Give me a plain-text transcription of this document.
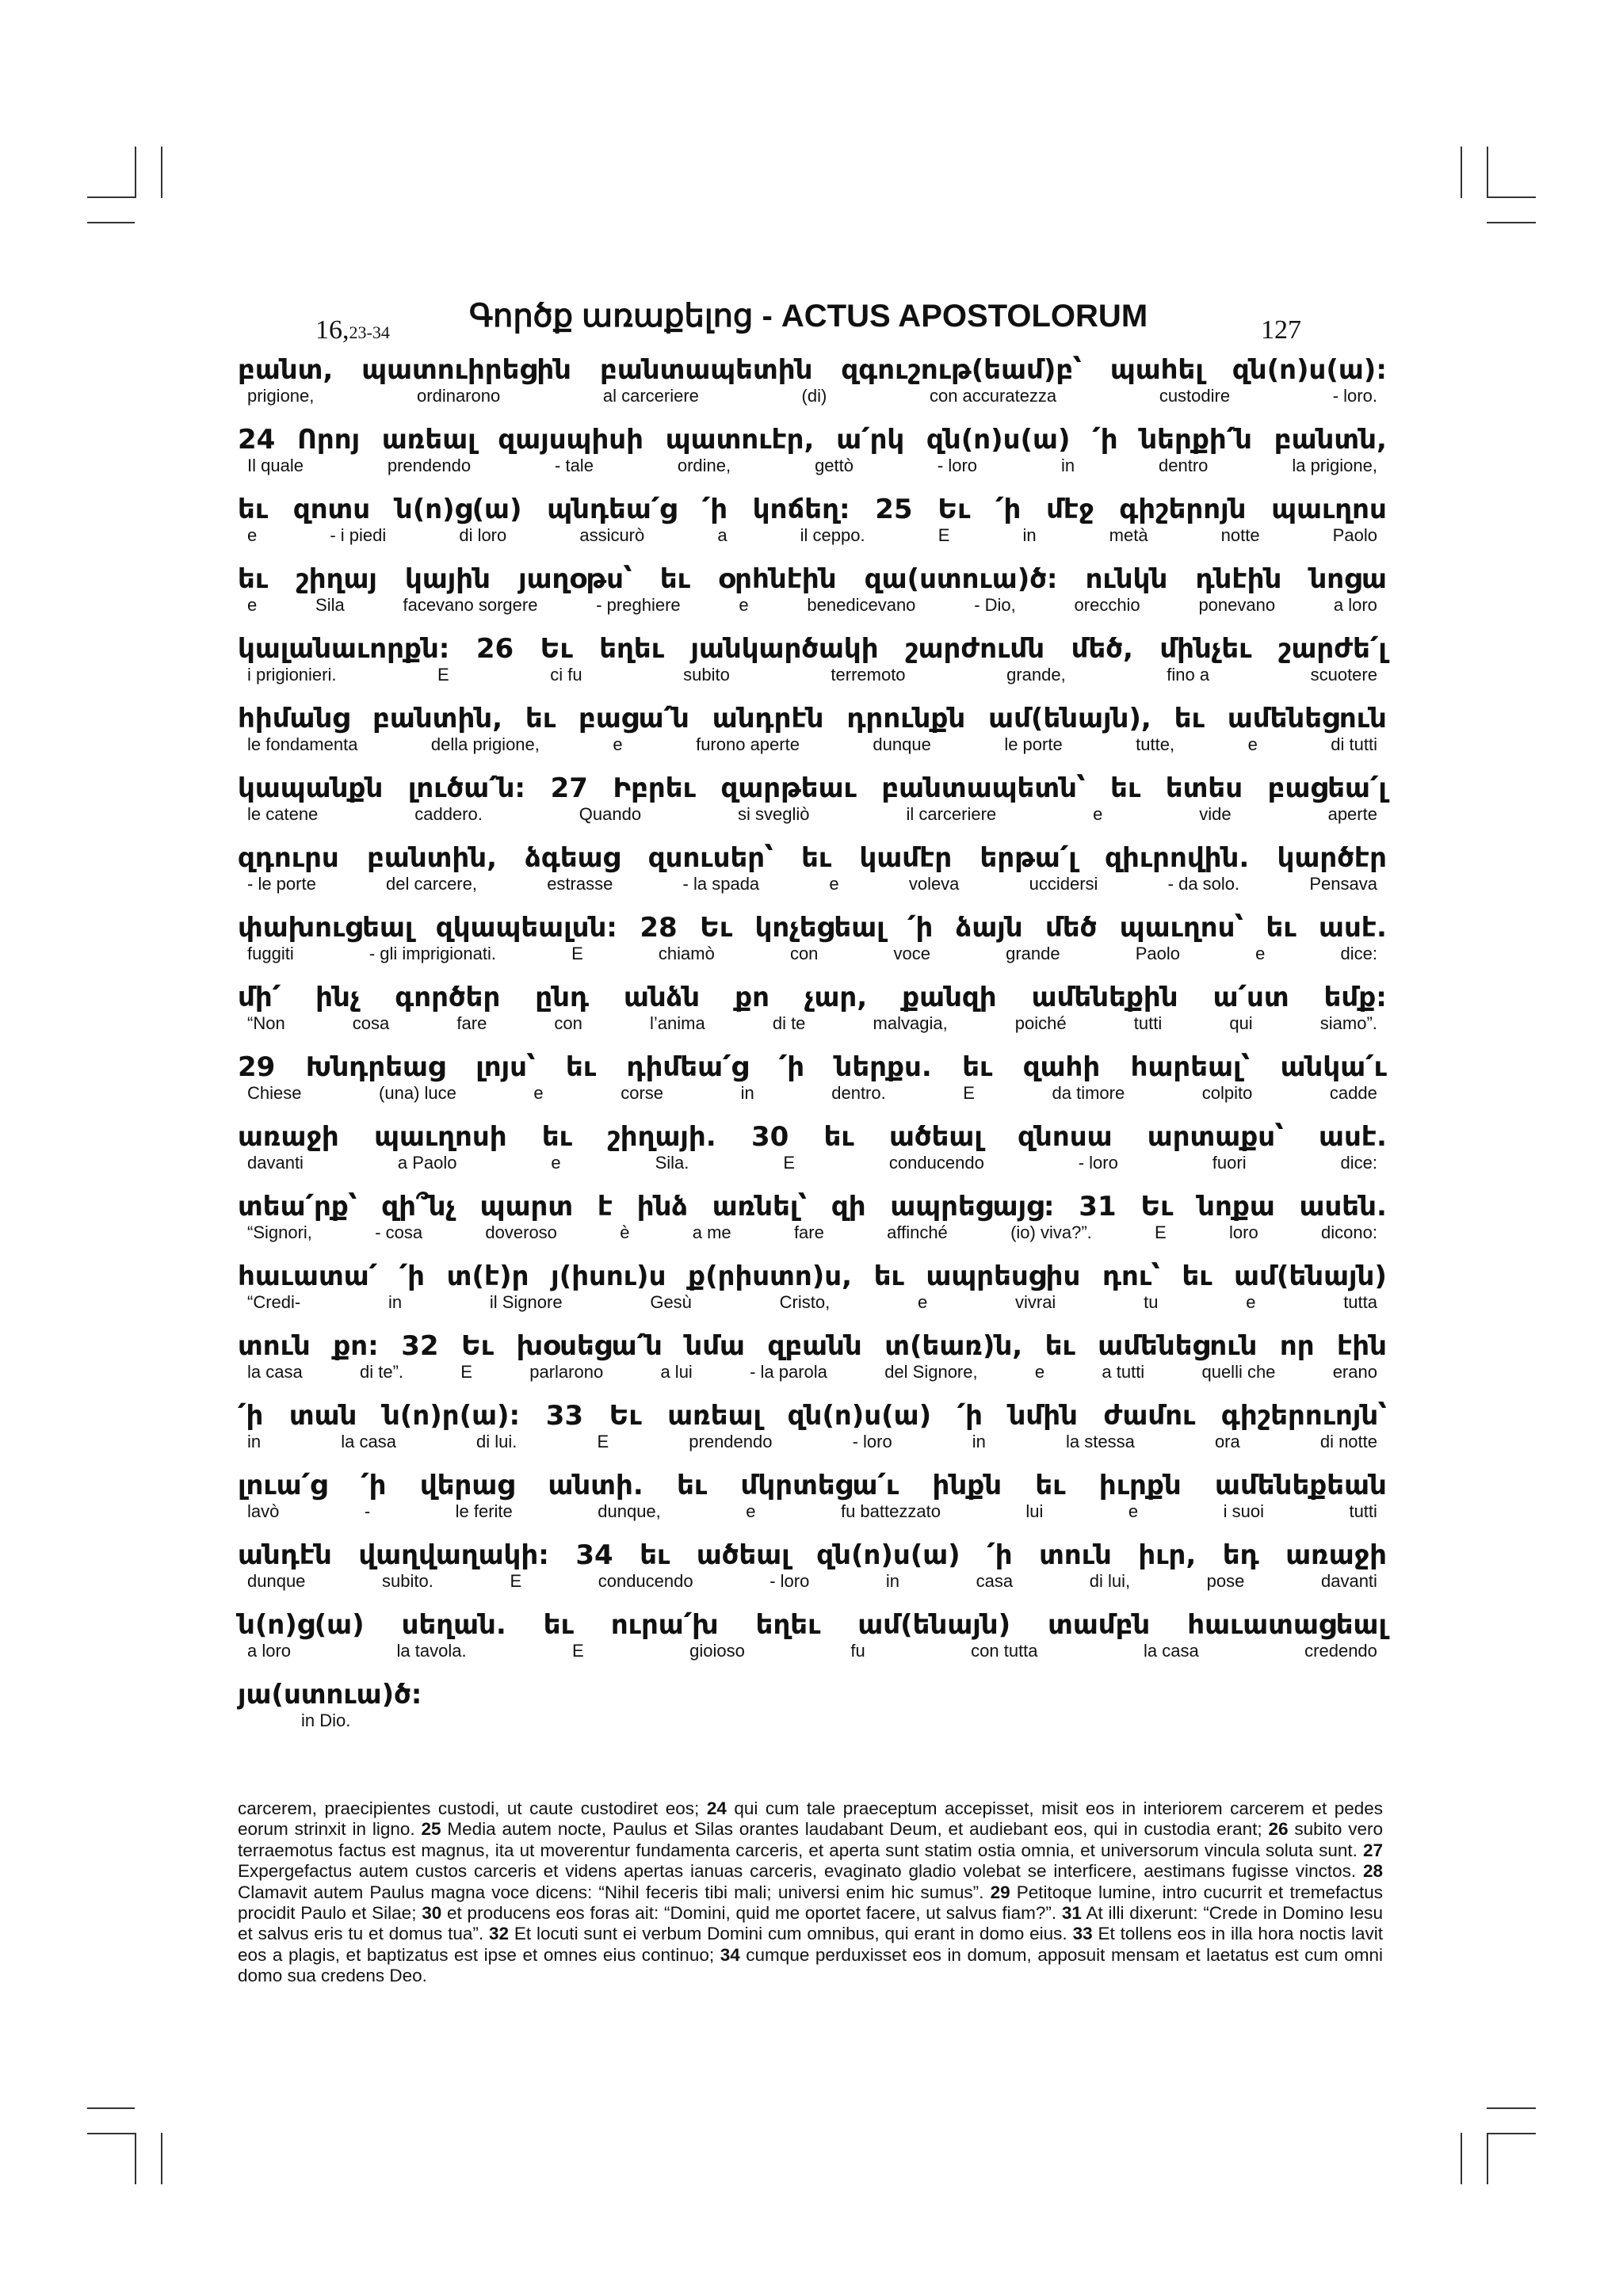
16,23-34	Գործք առաքելոց - ACTUS APOSTOLORUM	127
բանտ, պատուիրեցին բանտապետին զգուշութ(եամ)բ՝ պահել զն(ո)ս(ա):
prigione,	ordinarono	al carceriere	(di)	con accuratezza	custodire	- loro.
24 Որոյ առեալ զայսպիսի պատուէր, ա՛րկ զն(ո)ս(ա) ՛ի ներքի՛ն բանտն,
Il quale	prendendo	- tale	ordine,	gettò	- loro	in	dentro	la prigione,
եւ զոտս ն(ո)ց(ա) պնդեա՛ց ՛ի կոճեղ: 25 Եւ ՛ի մէջ գիշերոյն պաւղոս
e	- i piedi	di loro	assicurò	a	il ceppo.	E	in	metà	notte	Paolo
եւ շիղայ կային յաղօթս՝ եւ օրհնէին զա(ստուա)ծ: ունկն դնէին նոցա
e	Sila	facevano sorgere	- preghiere	e	benedicevano	- Dio,	orecchio	ponevano	a loro
կալանաւորքն: 26 Եւ եղեւ յանկարծակի շարժումն մեծ, մինչեւ շարժե՛լ
i prigionieri.	E	ci fu	subito	terremoto	grande,	fino a	scuotere
հիմանց բանտին, եւ բացա՛ն անդրէն դրունքն ամ(ենայն), եւ ամենեցուն
le fondamenta	della prigione,	e	furono aperte	dunque	le porte	tutte,	e	di tutti
կապանքն լուծա՛ն: 27 Իբրեւ զարթեաւ բանտապետն՝ եւ ետես բացեա՛լ
le catene	caddero.	Quando	si svegliò	il carceriere	e	vide	aperte
զդուրս բանտին, ձգեաց զսուսեր՝ եւ կամէր երթա՛լ զիւրովին. կարծէր
- le porte	del carcere,	estrasse	- la spada	e	voleva	uccidersi	- da solo.	Pensava
փախուցեալ զկապեալսն: 28 Եւ կոչեցեալ ՛ի ձայն մեծ պաւղոս՝ եւ ասէ.
fuggiti	- gli imprigionati.	E	chiamò	con	voce	grande	Paolo	e	dice:
մի՛ ինչ գործեր ընդ անձն քո չար, քանզի ամենեքին ա՛ստ եմք:
“Non	cosa	fare	con	l’anima	di te	malvagia,	poiché	tutti	qui	siamo”.
29 Խնդրեաց լոյս՝ եւ դիմեա՛ց ՛ի ներքս. եւ զահի հարեալ՝ անկա՛ւ
Chiese	(una) luce	e	corse	in	dentro.	E	da timore	colpito	cadde
առաջի պաւղոսի եւ շիղայի. 30 եւ ածեալ զնոսա արտաքս՝ ասէ.
davanti	a Paolo	e	Sila.	E	conducendo	- loro	fuori	dice:
տեա՛րք՝ զի՞նչ պարտ է ինձ առնել՝ զի ապրեցայց: 31 Եւ նոքա ասեն.
“Signori,	- cosa	doveroso	è	a me	fare	affinché	(io) viva?”.	E	loro	dicono:
հաւատա՛ ՛ի տ(է)ր յ(իսու)ս ք(րիստո)ս, եւ ապրեսցիս դու՝ եւ ամ(ենայն)
“Credi-	in	il Signore	Gesù	Cristo,	e	vivrai	tu	e	tutta
տուն քո: 32 Եւ խօսեցա՛ն նմա զբանն տ(եառ)ն, եւ ամենեցուն որ էին
la casa	di te”.	E	parlarono	a lui	- la parola	del Signore,	e	a tutti	quelli che	erano
՛ի տան ն(ո)ր(ա): 33 Եւ առեալ զն(ո)ս(ա) ՛ի նմին ժամու գիշերուոյն՝
in	la casa	di lui.	E	prendendo	- loro	in	la stessa	ora	di notte
լուա՛ց ՛ի վերաց անտի. եւ մկրտեցա՛ւ ինքն եւ իւրքն ամենեքեան
lavò	-	le ferite	dunque,	e	fu battezzato	lui	e	i suoi	tutti
անդէն վաղվաղակի: 34 եւ ածեալ զն(ո)ս(ա) ՛ի տուն իւր, եդ առաջի
dunque	subito.	E	conducendo	- loro	in	casa	di lui,	pose	davanti
ն(ո)ց(ա) սեղան. եւ ուրա՛խ եղեւ ամ(ենայն) տամբն հաւատացեալ
a loro	la tavola.	E	gioioso	fu	con tutta	la casa	credendo
յա(ստուա)ծ:
in Dio.
carcerem, praecipientes custodi, ut caute custodiret eos; 24 qui cum tale praeceptum accepisset, misit eos in interiorem carcerem et pedes eorum strinxit in ligno. 25 Media autem nocte, Paulus et Silas orantes laudabant Deum, et audiebant eos, qui in custodia erant; 26 subito vero terraemotus factus est magnus, ita ut moverentur fundamenta carceris, et aperta sunt statim ostia omnia, et universorum vincula soluta sunt. 27 Expergefactus autem custos carceris et videns apertas ianuas carceris, evaginato gladio volebat se interficere, aestimans fugisse vinctos. 28 Clamavit autem Paulus magna voce dicens: “Nihil feceris tibi mali; universi enim hic sumus”. 29 Petitoque lumine, intro cucurrit et tremefactus procidit Paulo et Silae; 30 et producens eos foras ait: “Domini, quid me oportet facere, ut salvus fiam?”. 31 At illi dixerunt: “Crede in Domino Iesu et salvus eris tu et domus tua”. 32 Et locuti sunt ei verbum Domini cum omnibus, qui erant in domo eius. 33 Et tollens eos in illa hora noctis lavit eos a plagis, et baptizatus est ipse et omnes eius continuo; 34 cumque perduxisset eos in domum, apposuit mensam et laetatus est cum omni domo sua credens Deo.
